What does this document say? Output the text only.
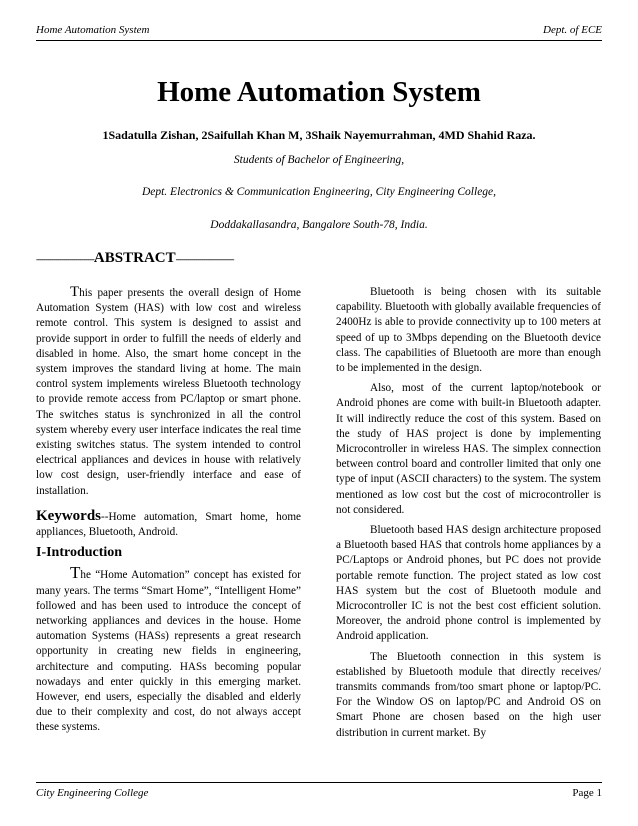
Home Automation System	Dept. of ECE
Home Automation System
1Sadatulla Zishan, 2Saifullah Khan M, 3Shaik Nayemurrahman, 4MD Shahid Raza.
Students of Bachelor of Engineering,
Dept. Electronics & Communication Engineering, City Engineering College,
Doddakallasandra, Bangalore South-78, India.
-----------------------------ABSTRACT-----------------------------

This paper presents the overall design of Home Automation System (HAS) with low cost and wireless remote control. This system is designed to assist and provide support in order to fulfill the needs of elderly and disabled in home. Also, the smart home concept in the system improves the standard living at home. The main control system implements wireless Bluetooth technology to provide remote access from PC/laptop or smart phone. The switches status is synchronized in all the control system whereby every user interface indicates the real time existing switches status. The system intended to control electrical appliances and devices in house with relatively low cost design, user-friendly interface and ease of installation.

Keywords--Home automation, Smart home, home appliances, Bluetooth, Android.

I-Introduction

The “Home Automation” concept has existed for many years. The terms “Smart Home”, “Intelligent Home” followed and has been used to introduce the concept of networking appliances and devices in the house. Home automation Systems (HASs) represents a great research opportunity in creating new fields in engineering, architecture and computing. HASs becoming popular nowadays and enter quickly in this emerging market. However, end users, especially the disabled and elderly due to their complexity and cost, do not always accept these systems.

Bluetooth is being chosen with its suitable capability. Bluetooth with globally available frequencies of 2400Hz is able to provide connectivity up to 100 meters at speed of up to 3Mbps depending on the Bluetooth device class. The capabilities of Bluetooth are more than enough to be implemented in the design.

Also, most of the current laptop/notebook or Android phones are come with built-in Bluetooth adapter. It will indirectly reduce the cost of this system. Based on the study of HAS project is done by implementing Microcontroller in wireless HAS. The simplex connection between control board and controller limited that only one type of input (ASCII characters) to the system. The system mentioned as low cost but the cost of microcontroller is not considered.

Bluetooth based HAS design architecture proposed a Bluetooth based HAS that controls home appliances by a PC/Laptops or Android phones, but PC does not provide portable remote function. The project stated as low cost HAS system but the cost of Bluetooth module and Microcontroller IC is not the best cost efficient solution. Moreover, the android phone control is implemented by Android application.

The Bluetooth connection in this system is established by Bluetooth module that directly receives/ transmits commands from/too smart phone or laptop/PC. For the Window OS on laptop/PC and Android OS on Smart Phone are chosen based on the high user distribution in current market. By

City Engineering College	Page 1
